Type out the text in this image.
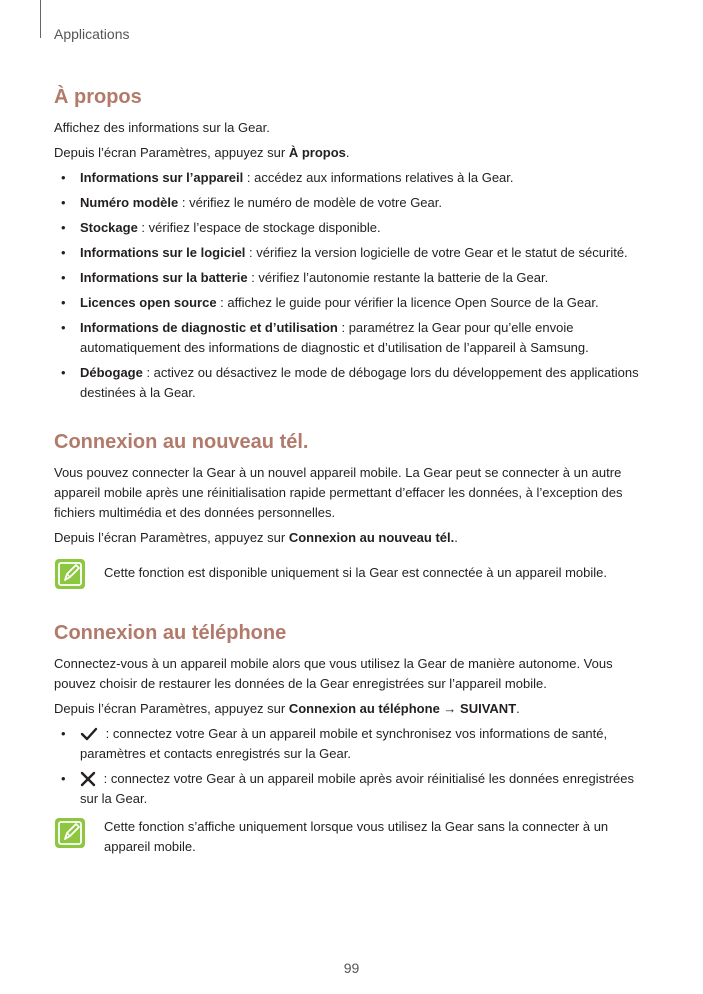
Applications
À propos

Affichez des informations sur la Gear.

Depuis l’écran Paramètres, appuyez sur À propos.

• Informations sur l’appareil : accédez aux informations relatives à la Gear.
• Numéro modèle : vérifiez le numéro de modèle de votre Gear.
• Stockage : vérifiez l’espace de stockage disponible.
• Informations sur le logiciel : vérifiez la version logicielle de votre Gear et le statut de sécurité.
• Informations sur la batterie : vérifiez l’autonomie restante la batterie de la Gear.
• Licences open source : affichez le guide pour vérifier la licence Open Source de la Gear.
• Informations de diagnostic et d’utilisation : paramétrez la Gear pour qu’elle envoie automatiquement des informations de diagnostic et d’utilisation de l’appareil à Samsung.
• Débogage : activez ou désactivez le mode de débogage lors du développement des applications destinées à la Gear.
Connexion au nouveau tél.

Vous pouvez connecter la Gear à un nouvel appareil mobile. La Gear peut se connecter à un autre appareil mobile après une réinitialisation rapide permettant d’effacer les données, à l’exception des fichiers multimédia et des données personnelles.

Depuis l’écran Paramètres, appuyez sur Connexion au nouveau tél..

Cette fonction est disponible uniquement si la Gear est connectée à un appareil mobile.

Connexion au téléphone

Connectez-vous à un appareil mobile alors que vous utilisez la Gear de manière autonome. Vous pouvez choisir de restaurer les données de la Gear enregistrées sur l’appareil mobile.

Depuis l’écran Paramètres, appuyez sur Connexion au téléphone → SUIVANT.

•	: connectez votre Gear à un appareil mobile et synchronisez vos informations de santé, paramètres et contacts enregistrés sur la Gear.
•	: connectez votre Gear à un appareil mobile après avoir réinitialisé les données enregistrées sur la Gear.

Cette fonction s’affiche uniquement lorsque vous utilisez la Gear sans la connecter à un appareil mobile.

99
